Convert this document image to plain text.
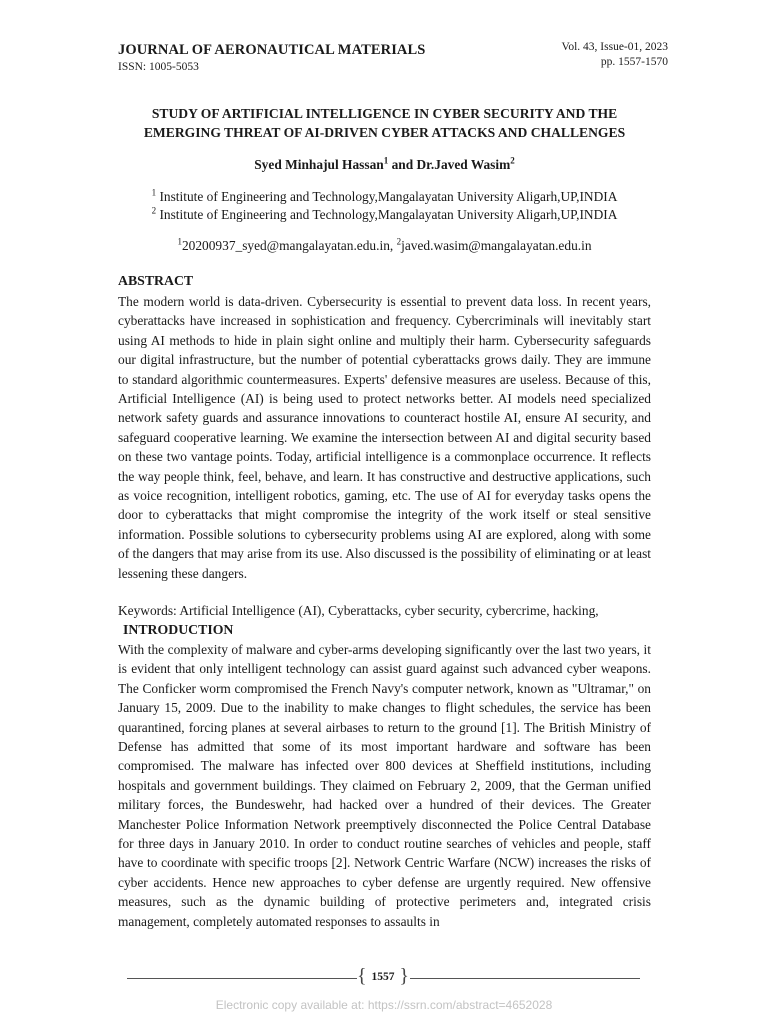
JOURNAL OF AERONAUTICAL MATERIALS
ISSN: 1005-5053
Vol. 43, Issue-01, 2023
pp. 1557-1570
STUDY OF ARTIFICIAL INTELLIGENCE IN CYBER SECURITY AND THE
EMERGING THREAT OF AI-DRIVEN CYBER ATTACKS AND CHALLENGES
Syed Minhajul Hassan$^1$ and Dr.Javed Wasim$^2$
$^1$ Institute of Engineering and Technology,Mangalayatan University Aligarh,UP,INDIA
$^2$ Institute of Engineering and Technology,Mangalayatan University Aligarh,UP,INDIA
$^1$20200937_syed@mangalayatan.edu.in, $^2$javed.wasim@mangalayatan.edu.in
ABSTRACT
The modern world is data-driven. Cybersecurity is essential to prevent data loss. In recent years, cyberattacks have increased in sophistication and frequency. Cybercriminals will inevitably start using AI methods to hide in plain sight online and multiply their harm. Cybersecurity safeguards our digital infrastructure, but the number of potential cyberattacks grows daily. They are immune to standard algorithmic countermeasures. Experts' defensive measures are useless. Because of this, Artificial Intelligence (AI) is being used to protect networks better. AI models need specialized network safety guards and assurance innovations to counteract hostile AI, ensure AI security, and safeguard cooperative learning. We examine the intersection between AI and digital security based on these two vantage points. Today, artificial intelligence is a commonplace occurrence. It reflects the way people think, feel, behave, and learn. It has constructive and destructive applications, such as voice recognition, intelligent robotics, gaming, etc. The use of AI for everyday tasks opens the door to cyberattacks that might compromise the integrity of the work itself or steal sensitive information. Possible solutions to cybersecurity problems using AI are explored, along with some of the dangers that may arise from its use. Also discussed is the possibility of eliminating or at least lessening these dangers.
Keywords: Artificial Intelligence (AI), Cyberattacks, cyber security, cybercrime, hacking,
INTRODUCTION
With the complexity of malware and cyber-arms developing significantly over the last two years, it is evident that only intelligent technology can assist guard against such advanced cyber weapons. The Conficker worm compromised the French Navy's computer network, known as "Ultramar," on January 15, 2009. Due to the inability to make changes to flight schedules, the service has been quarantined, forcing planes at several airbases to return to the ground [1]. The British Ministry of Defense has admitted that some of its most important hardware and software has been compromised. The malware has infected over 800 devices at Sheffield institutions, including hospitals and government buildings. They claimed on February 2, 2009, that the German unified military forces, the Bundeswehr, had hacked over a hundred of their devices. The Greater Manchester Police Information Network preemptively disconnected the Police Central Database for three days in January 2010. In order to conduct routine searches of vehicles and people, staff have to coordinate with specific troops [2]. Network Centric Warfare (NCW) increases the risks of cyber accidents. Hence new approaches to cyber defense are urgently required. New offensive measures, such as the dynamic building of protective perimeters and, integrated crisis management, completely automated responses to assaults in
{ 1557 }
Electronic copy available at: https://ssrn.com/abstract=4652028
